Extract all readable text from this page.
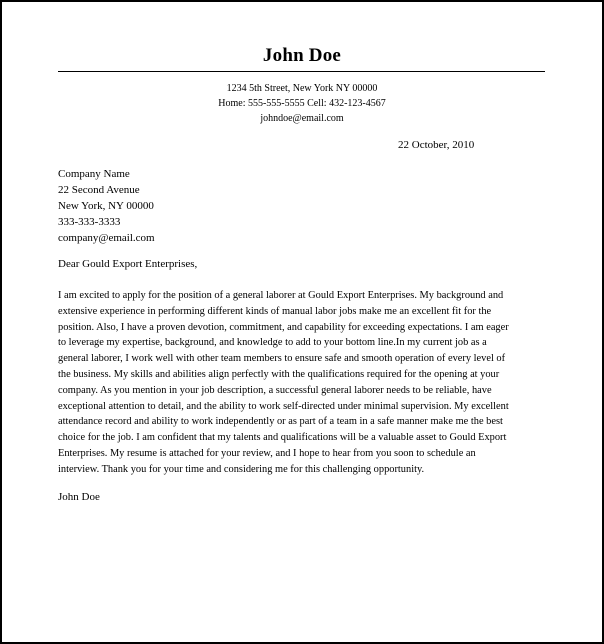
John Doe
1234 5th Street, New York NY 00000
Home: 555-555-5555 Cell: 432-123-4567
johndoe@email.com
22 October, 2010
Company Name
22 Second Avenue
New York, NY 00000
333-333-3333
company@email.com
Dear Gould Export Enterprises,
I am excited to apply for the position of a general laborer at Gould Export Enterprises. My background and
extensive experience in performing different kinds of manual labor jobs make me an excellent fit for the
position. Also, I have a proven devotion, commitment, and capability for exceeding expectations. I am eager
to leverage my expertise, background, and knowledge to add to your bottom line.In my current job as a
general laborer, I work well with other team members to ensure safe and smooth operation of every level of
the business. My skills and abilities align perfectly with the qualifications required for the opening at your
company. As you mention in your job description, a successful general laborer needs to be reliable, have
exceptional attention to detail, and the ability to work self-directed under minimal supervision. My excellent
attendance record and ability to work independently or as part of a team in a safe manner make me the best
choice for the job. I am confident that my talents and qualifications will be a valuable asset to Gould Export
Enterprises. My resume is attached for your review, and I hope to hear from you soon to schedule an
interview. Thank you for your time and considering me for this challenging opportunity.
John Doe
